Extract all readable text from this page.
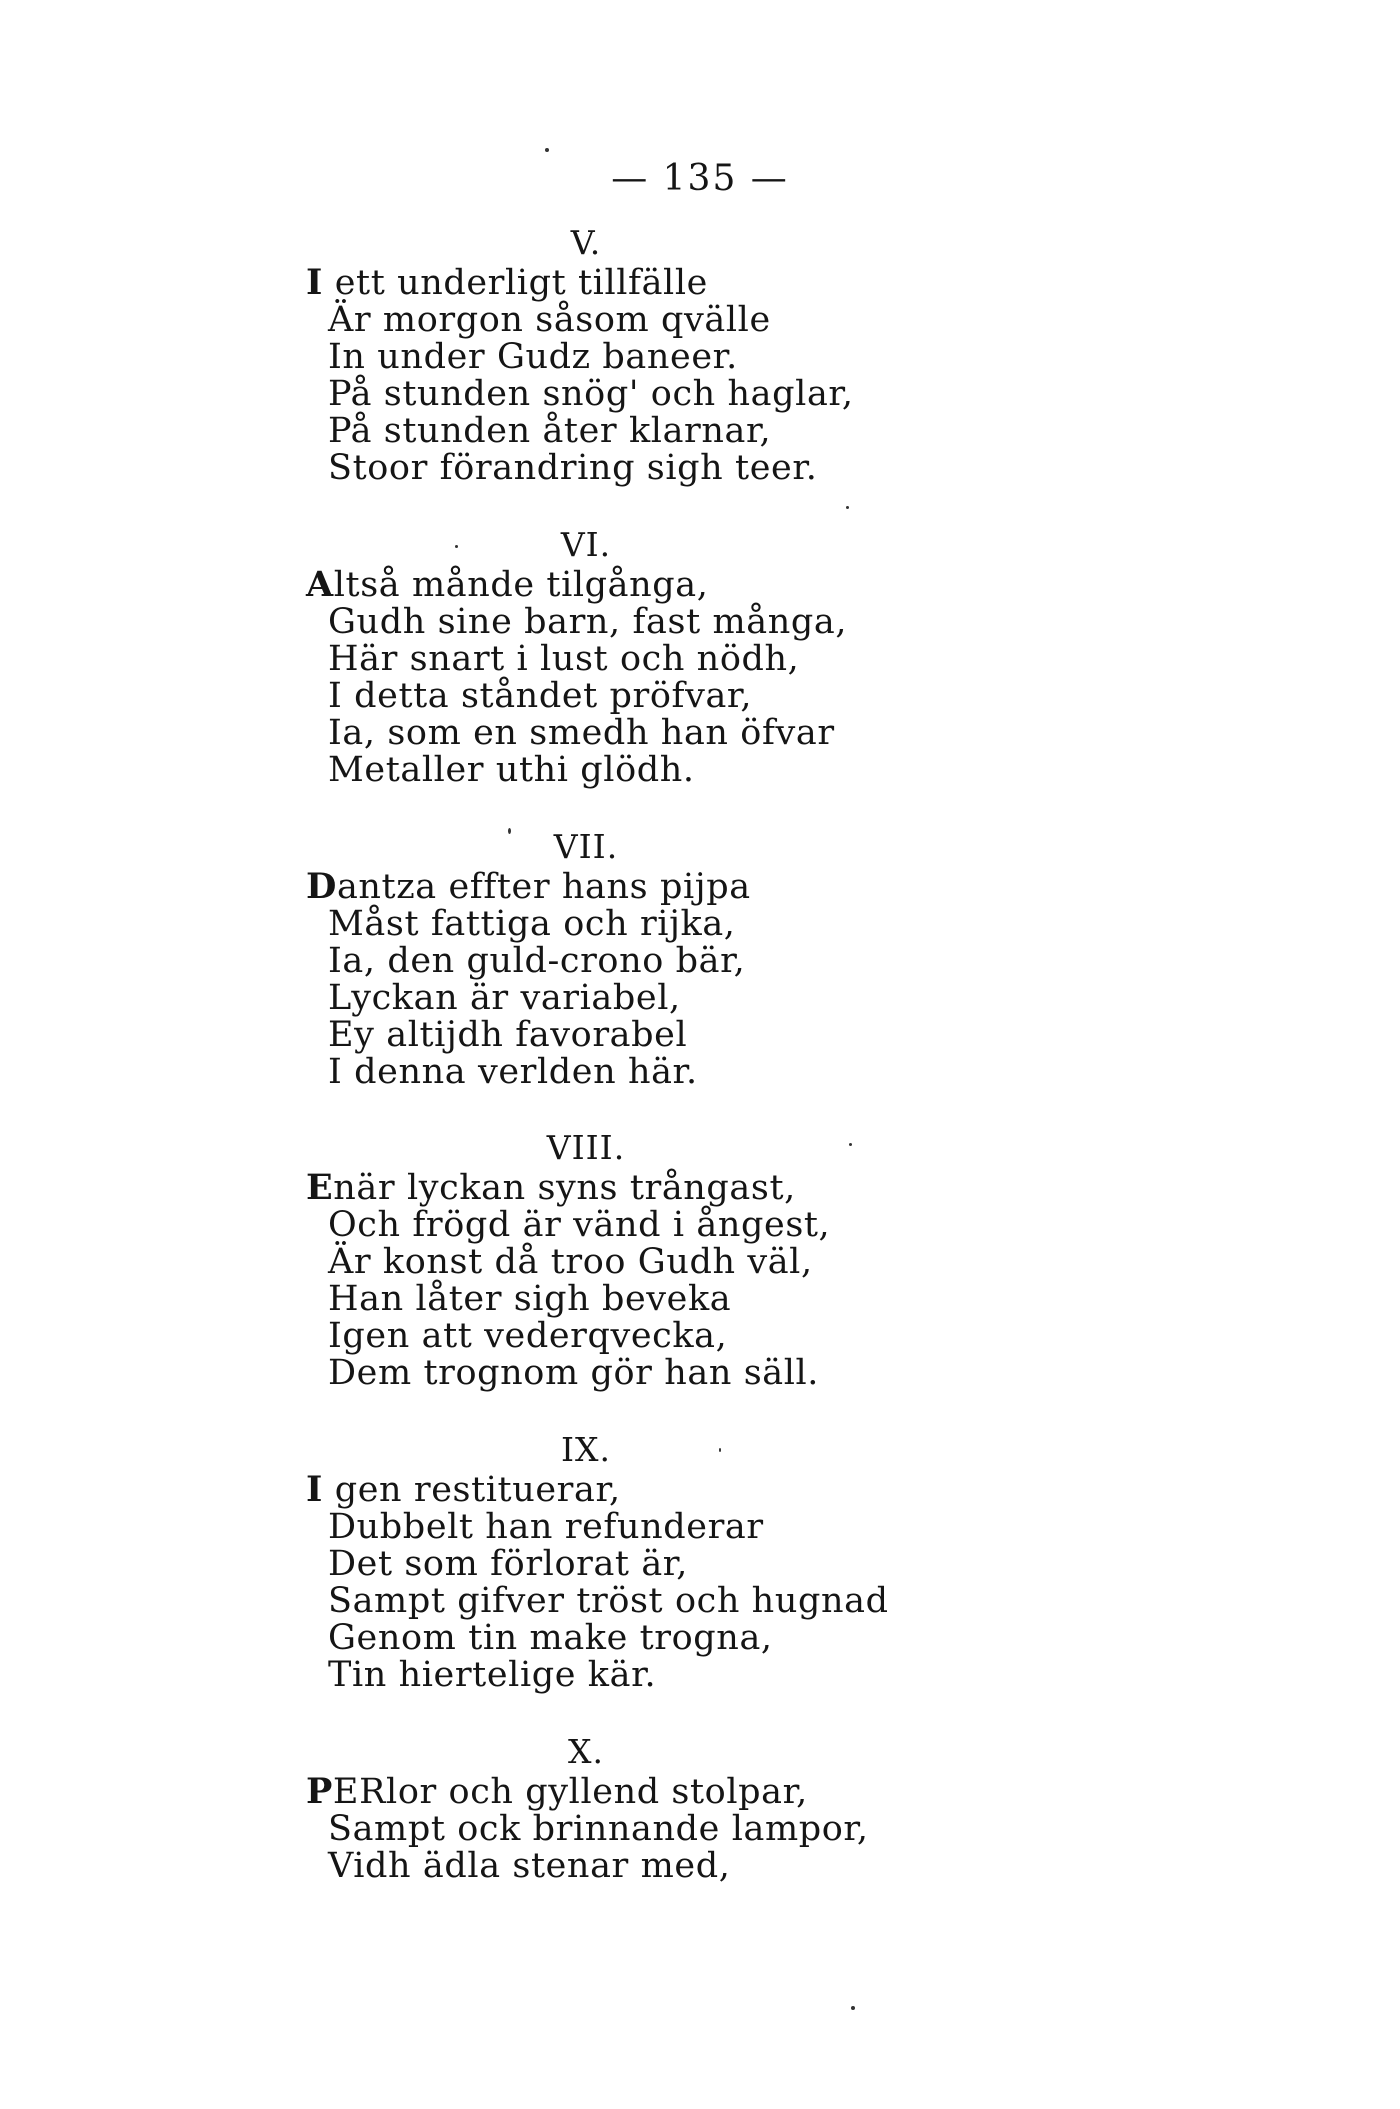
— 135 —
V.
I ett underligt tillfälle
Är morgon såsom qvälle
In under Gudz baneer.
På stunden snög' och haglar,
På stunden åter klarnar,
Stoor förandring sigh teer.
VI.
Altså månde tilgånga,
Gudh sine barn, fast många,
Här snart i lust och nödh,
I detta ståndet pröfvar,
Ia, som en smedh han öfvar
Metaller uthi glödh.
VII.
Dantza effter hans pijpa
Måst fattiga och rijka,
Ia, den guld-crono bär,
Lyckan är variabel,
Ey altijdh favorabel
I denna verlden här.
VIII.
Enär lyckan syns trångast,
Och frögd är vänd i ångest,
Är konst då troo Gudh väl,
Han låter sigh beveka
Igen att vederqvecka,
Dem trognom gör han säll.
IX.
I gen restituerar,
Dubbelt han refunderar
Det som förlorat är,
Sampt gifver tröst och hugnad
Genom tin make trogna,
Tin hiertelige kär.
X.
PERlor och gyllend stolpar,
Sampt ock brinnande lampor,
Vidh ädla stenar med,
